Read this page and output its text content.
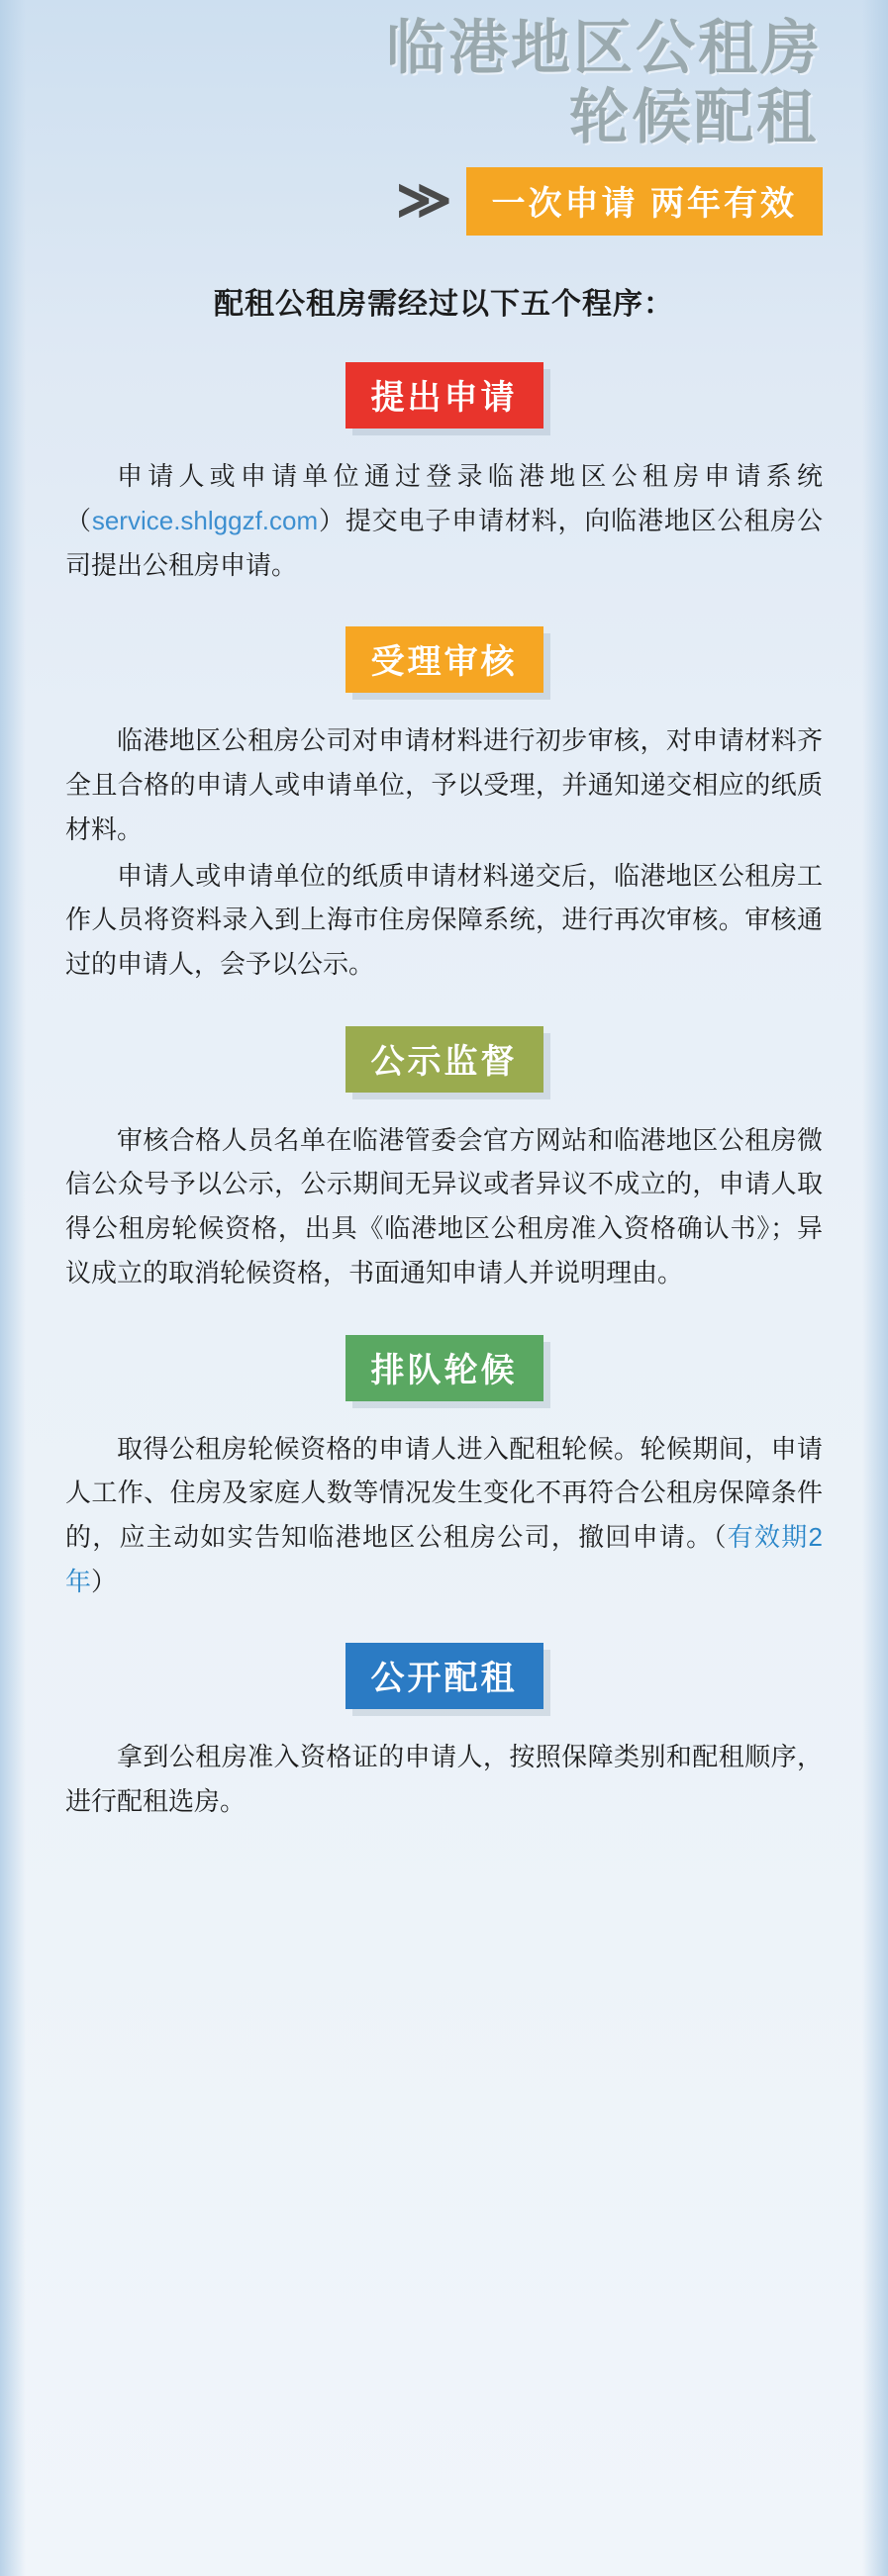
临港地区公租房
轮候配租
≫	一次申请 两年有效
配租公租房需经过以下五个程序：
提出申请

申请人或申请单位通过登录临港地区公租房申请系统（service.shlggzf.com）提交电子申请材料，向临港地区公租房公司提出公租房申请。

受理审核

临港地区公租房公司对申请材料进行初步审核，对申请材料齐全且合格的申请人或申请单位，予以受理，并通知递交相应的纸质材料。

申请人或申请单位的纸质申请材料递交后，临港地区公租房工作人员将资料录入到上海市住房保障系统，进行再次审核。审核通过的申请人，会予以公示。

公示监督

审核合格人员名单在临港管委会官方网站和临港地区公租房微信公众号予以公示，公示期间无异议或者异议不成立的，申请人取得公租房轮候资格，出具《临港地区公租房准入资格确认书》；异议成立的取消轮候资格，书面通知申请人并说明理由。

排队轮候

取得公租房轮候资格的申请人进入配租轮候。轮候期间，申请人工作、住房及家庭人数等情况发生变化不再符合公租房保障条件的，应主动如实告知临港地区公租房公司，撤回申请。（有效期2年）

公开配租

拿到公租房准入资格证的申请人，按照保障类别和配租顺序，进行配租选房。
